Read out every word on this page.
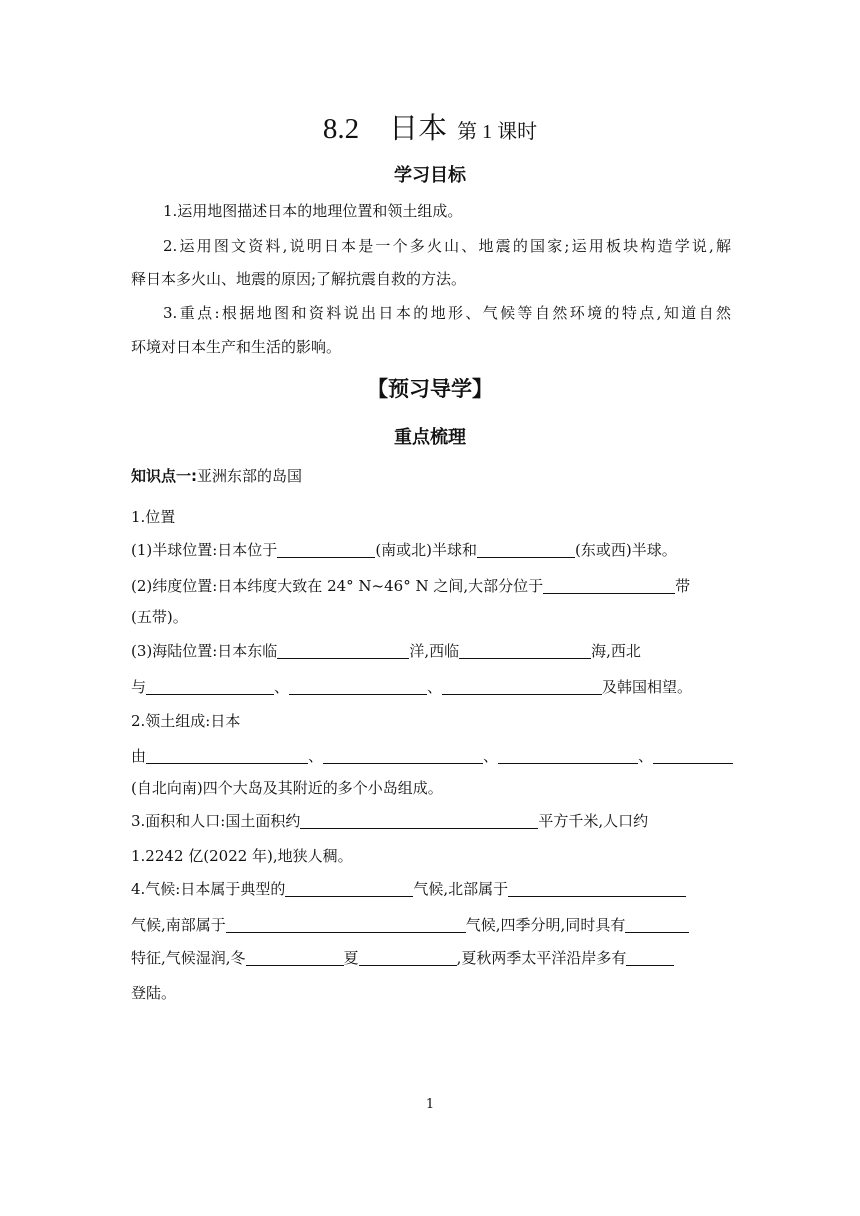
8.2 日本 第 1 课时
学习目标
1.运用地图描述日本的地理位置和领土组成。
2.运用图文资料,说明日本是一个多火山、地震的国家;运用板块构造学说,解
释日本多火山、地震的原因;了解抗震自救的方法。
3.重点:根据地图和资料说出日本的地形、气候等自然环境的特点,知道自然
环境对日本生产和生活的影响。
【预习导学】
重点梳理
知识点一:亚洲东部的岛国
1.位置
(1)半球位置:日本位于	(南或北)半球和	(东或西)半球。
(2)纬度位置:日本纬度大致在 24° N~46° N 之间,大部分位于	带
(五带)。
(3)海陆位置:日本东临	洋,西临	海,西北
与	、	、	及韩国相望。
2.领土组成:日本
由	、	、	、
(自北向南)四个大岛及其附近的多个小岛组成。
3.面积和人口:国土面积约	平方千米,人口约
1.2242 亿(2022 年),地狭人稠。
4.气候:日本属于典型的	气候,北部属于
气候,南部属于	气候,四季分明,同时具有
特征,气候湿润,冬	夏	,夏秋两季太平洋沿岸多有
登陆。
1
